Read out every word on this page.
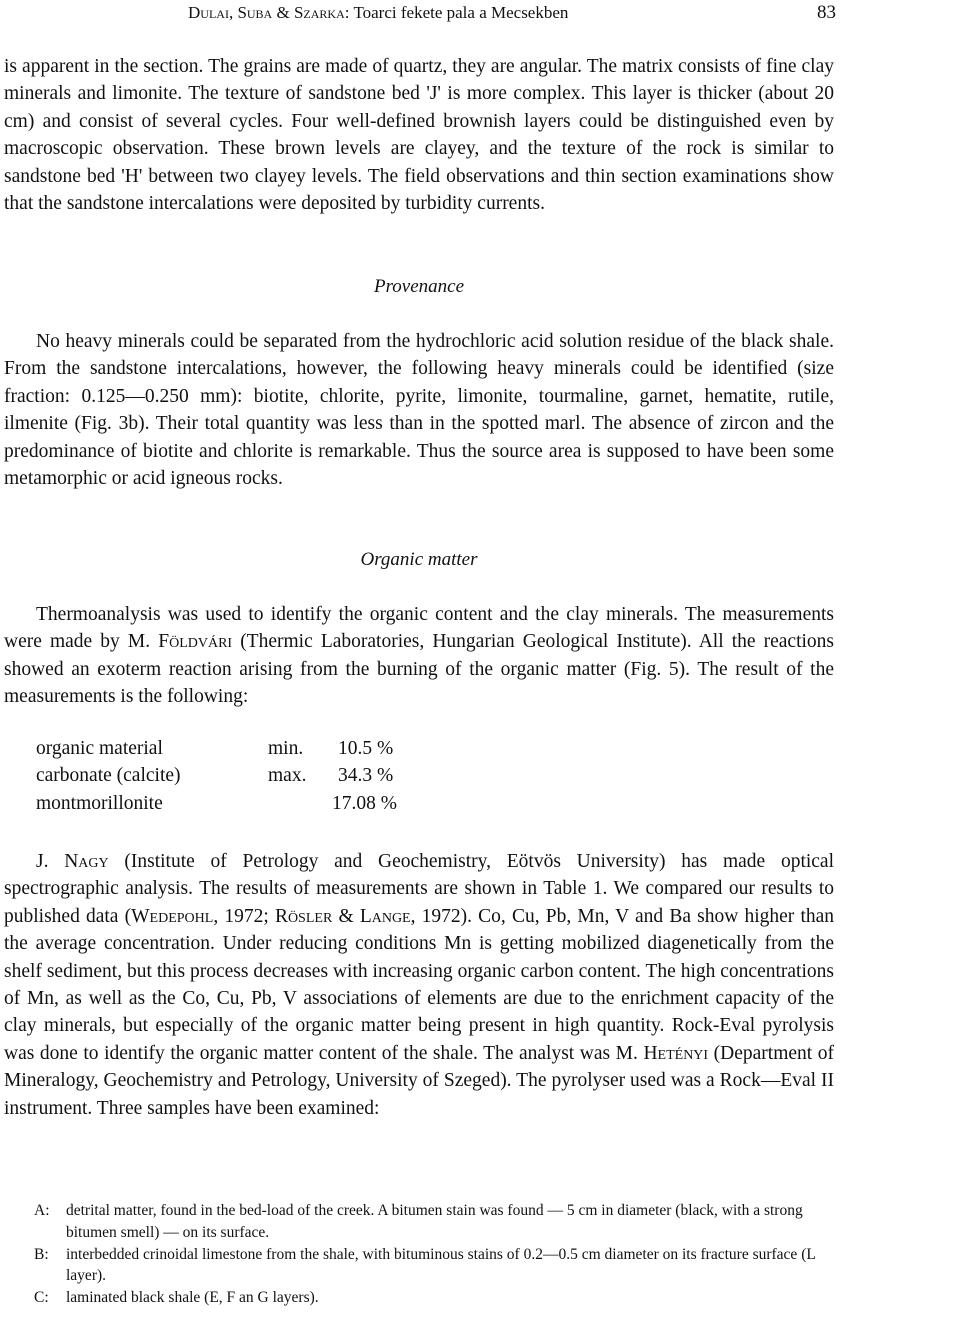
Dulai, Suba & Szarka: Toarci fekete pala a Mecsekben	83

is apparent in the section. The grains are made of quartz, they are angular. The matrix consists of fine clay minerals and limonite. The texture of sandstone bed 'J' is more complex. This layer is thicker (about 20 cm) and consist of several cycles. Four well-defined brownish layers could be distinguished even by macroscopic observation. These brown levels are clayey, and the texture of the rock is similar to sandstone bed 'H' between two clayey levels. The field observations and thin section examinations show that the sandstone intercalations were deposited by turbidity currents.

Provenance

No heavy minerals could be separated from the hydrochloric acid solution residue of the black shale. From the sandstone intercalations, however, the following heavy minerals could be identified (size fraction: 0.125—0.250 mm): biotite, chlorite, pyrite, limonite, tourmaline, garnet, hematite, rutile, ilmenite (Fig. 3b). Their total quantity was less than in the spotted marl. The absence of zircon and the predominance of biotite and chlorite is remarkable. Thus the source area is supposed to have been some metamorphic or acid igneous rocks.

Organic matter

Thermoanalysis was used to identify the organic content and the clay minerals. The measurements were made by M. Földvári (Thermic Laboratories, Hungarian Geological Institute). All the reactions showed an exoterm reaction arising from the burning of the organic matter (Fig. 5). The result of the measurements is the following:

organic material	min. 10.5 %
carbonate (calcite)	max. 34.3 %
montmorillonite	17.08 %

J. Nagy (Institute of Petrology and Geochemistry, Eötvös University) has made optical spectrographic analysis. The results of measurements are shown in Table 1. We compared our results to published data (Wedepohl, 1972; Rösler & Lange, 1972). Co, Cu, Pb, Mn, V and Ba show higher than the average concentration. Under reducing conditions Mn is getting mobilized diagenetically from the shelf sediment, but this process decreases with increasing organic carbon content. The high concentrations of Mn, as well as the Co, Cu, Pb, V associations of elements are due to the enrichment capacity of the clay minerals, but especially of the organic matter being present in high quantity. Rock-Eval pyrolysis was done to identify the organic matter content of the shale. The analyst was M. Hetényi (Department of Mineralogy, Geochemistry and Petrology, University of Szeged). The pyrolyser used was a Rock—Eval II instrument. Three samples have been examined:

A:	detrital matter, found in the bed-load of the creek. A bitumen stain was found — 5 cm in diameter (black, with a strong bitumen smell) — on its surface.
B:	interbedded crinoidal limestone from the shale, with bituminous stains of 0.2—0.5 cm diameter on its fracture surface (L layer).
C:	laminated black shale (E, F an G layers).
